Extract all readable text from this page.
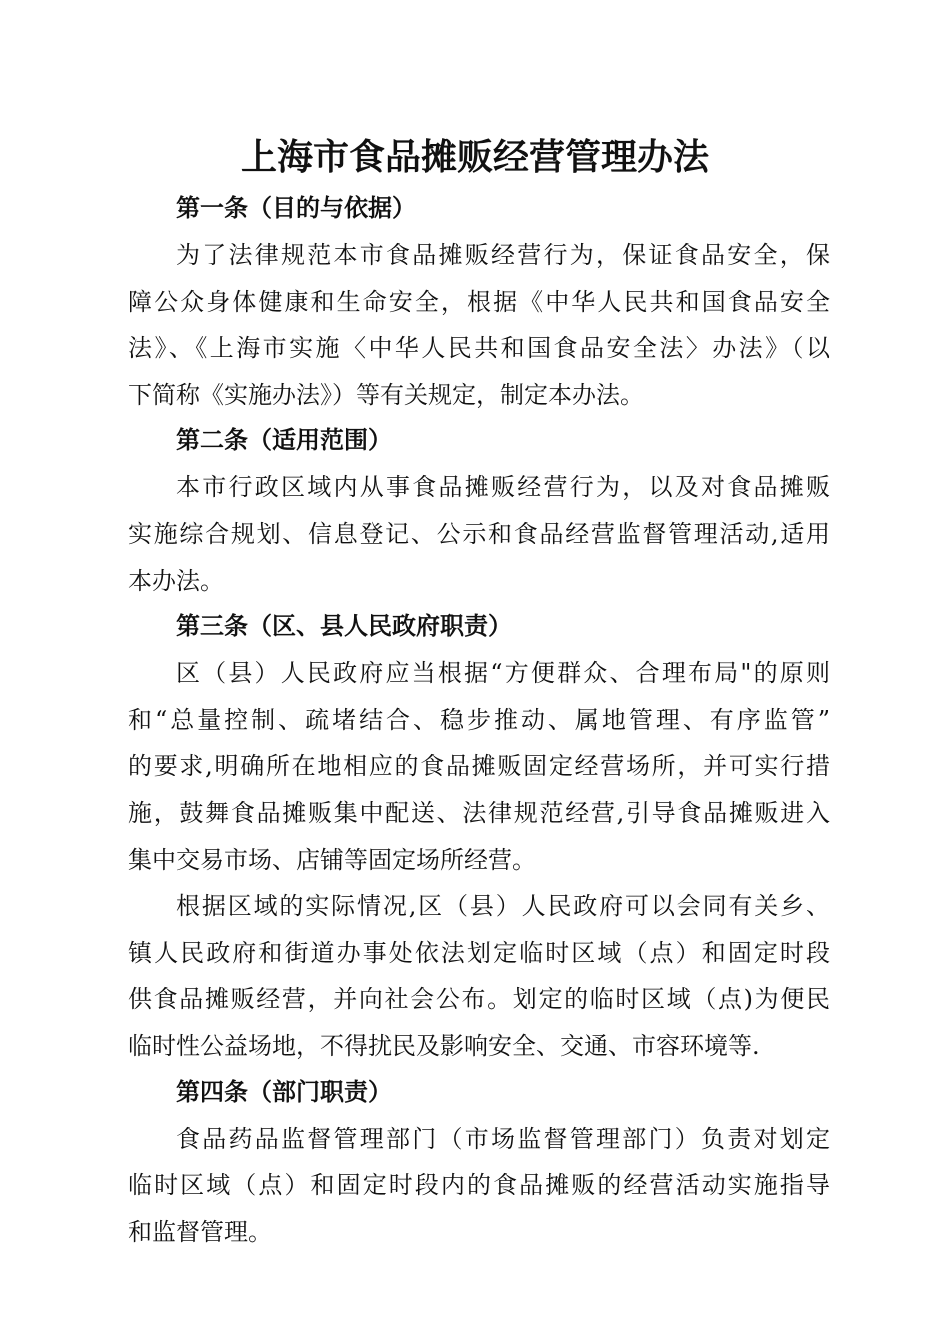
上海市食品摊贩经营管理办法
第一条（目的与依据）
为了法律规范本市食品摊贩经营行为，保证食品安全，保
障公众身体健康和生命安全，根据《中华人民共和国食品安全
法》、《上海市实施〈中华人民共和国食品安全法〉办法》（以
下简称《实施办法》）等有关规定，制定本办法。
第二条（适用范围）
本市行政区域内从事食品摊贩经营行为，以及对食品摊贩
实施综合规划、信息登记、公示和食品经营监督管理活动,适用
本办法。
第三条（区、县人民政府职责）
区（县）人民政府应当根据“方便群众、合理布局"的原则
和“总量控制、疏堵结合、稳步推动、属地管理、有序监管”
的要求,明确所在地相应的食品摊贩固定经营场所，并可实行措
施，鼓舞食品摊贩集中配送、法律规范经营,引导食品摊贩进入
集中交易市场、店铺等固定场所经营。
根据区域的实际情况,区（县）人民政府可以会同有关乡、
镇人民政府和街道办事处依法划定临时区域（点）和固定时段
供食品摊贩经营，并向社会公布。划定的临时区域（点)为便民
临时性公益场地，不得扰民及影响安全、交通、市容环境等.
第四条（部门职责）
食品药品监督管理部门（市场监督管理部门）负责对划定
临时区域（点）和固定时段内的食品摊贩的经营活动实施指导
和监督管理。
